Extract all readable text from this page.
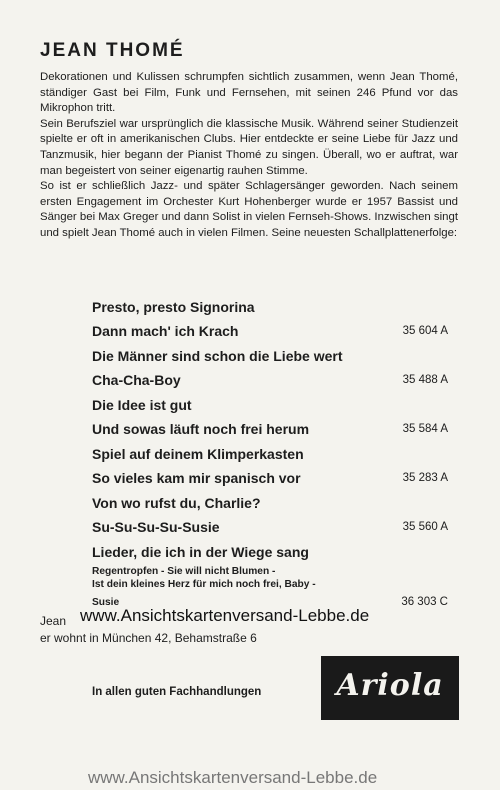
JEAN THOMÉ

Dekorationen und Kulissen schrumpfen sichtlich zusammen, wenn Jean Thomé, ständiger Gast bei Film, Funk und Fernsehen, mit seinen 246 Pfund vor das Mikrophon tritt.

Sein Berufsziel war ursprünglich die klassische Musik. Während seiner Studienzeit spielte er oft in amerikanischen Clubs. Hier entdeckte er seine Liebe für Jazz und Tanzmusik, hier begann der Pianist Thomé zu singen. Überall, wo er auftrat, war man begeistert von seiner eigenartig rauhen Stimme.

So ist er schließlich Jazz- und später Schlagersänger geworden. Nach seinem ersten Engagement im Orchester Kurt Hohenberger wurde er 1957 Bassist und Sänger bei Max Greger und dann Solist in vielen Fernseh-Shows. Inzwischen singt und spielt Jean Thomé auch in vielen Filmen. Seine neuesten Schallplattenerfolge:

Presto, presto Signorina
Dann mach' ich Krach	35 604 A
Die Männer sind schon die Liebe wert
Cha-Cha-Boy	35 488 A
Die Idee ist gut
Und sowas läuft noch frei herum	35 584 A
Spiel auf deinem Klimperkasten
So vieles kam mir spanisch vor	35 283 A
Von wo rufst du, Charlie?
Su-Su-Su-Su-Susie	35 560 A
Lieder, die ich in der Wiege sang
Regentropfen - Sie will nicht Blumen -
Ist dein kleines Herz für mich noch frei, Baby -
Susie	36 303 C
Jean
er wohnt in München 42, Behamstraße 6
www.Ansichtskartenversand-Lebbe.de
In allen guten Fachhandlungen	Ariola
www.Ansichtskartenversand-Lebbe.de
